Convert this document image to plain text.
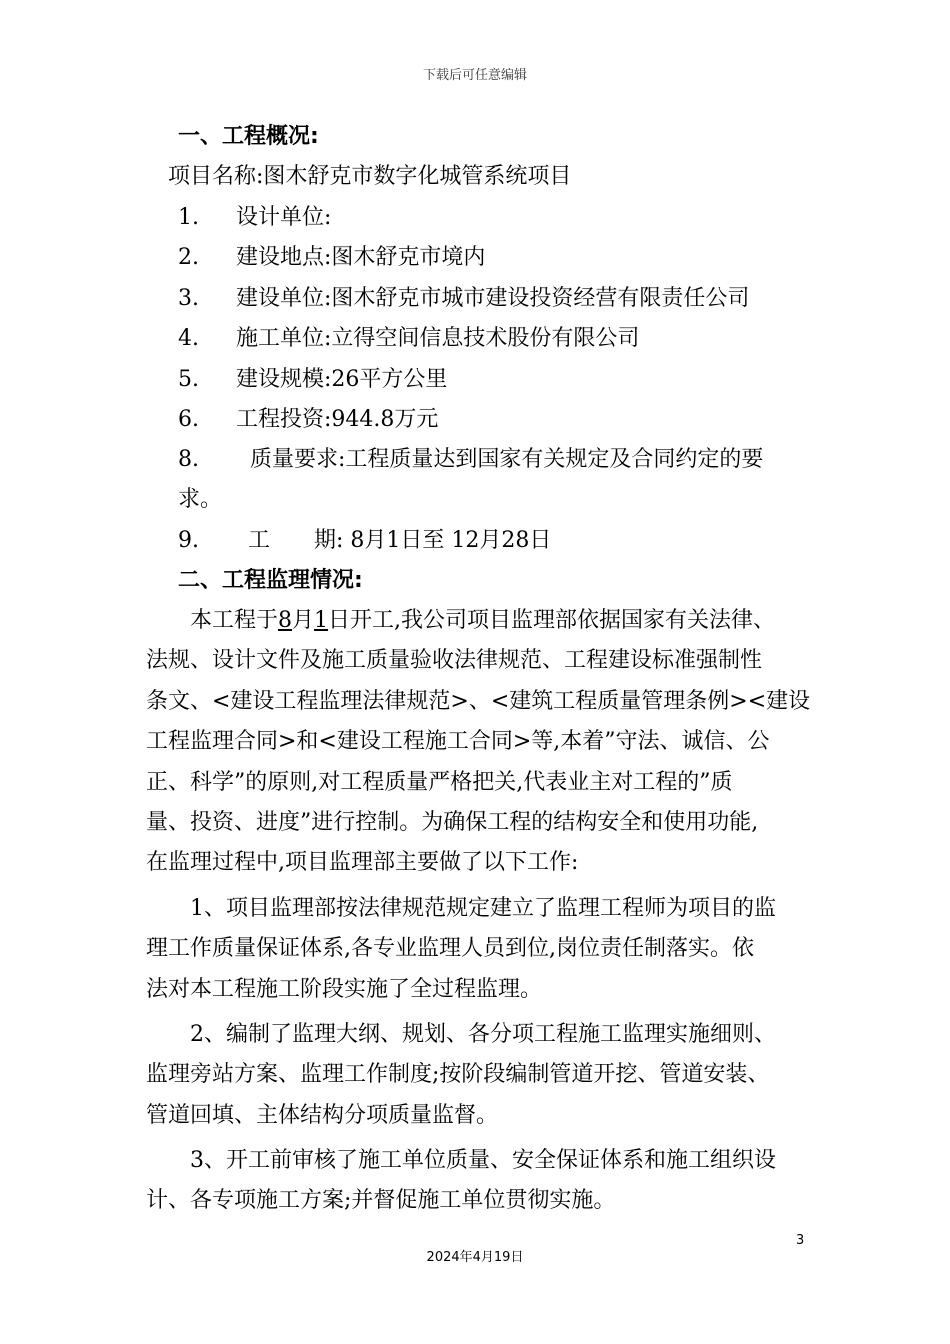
下载后可任意编辑
一、工程概况:
项目名称:图木舒克市数字化城管系统项目
1. 设计单位:
2. 建设地点:图木舒克市境内
3. 建设单位:图木舒克市城市建设投资经营有限责任公司
4. 施工单位:立得空间信息技术股份有限公司
5. 建设规模:26平方公里
6. 工程投资:944.8万元
8. 质量要求:工程质量达到国家有关规定及合同约定的要
求。
9. 工　　期: 8月1日至 12月28日
二、工程监理情况:
本工程于8月1日开工,我公司项目监理部依据国家有关法律、
法规、设计文件及施工质量验收法律规范、工程建设标准强制性
条文、<建设工程监理法律规范>、<建筑工程质量管理条例><建设
工程监理合同>和<建设工程施工合同>等,本着”守法、诚信、公
正、科学”的原则,对工程质量严格把关,代表业主对工程的”质
量、投资、进度”进行控制。为确保工程的结构安全和使用功能,
在监理过程中,项目监理部主要做了以下工作:
1、项目监理部按法律规范规定建立了监理工程师为项目的监
理工作质量保证体系,各专业监理人员到位,岗位责任制落实。依
法对本工程施工阶段实施了全过程监理。
2、编制了监理大纲、规划、各分项工程施工监理实施细则、
监理旁站方案、监理工作制度;按阶段编制管道开挖、管道安装、
管道回填、主体结构分项质量监督。
3、开工前审核了施工单位质量、安全保证体系和施工组织设
计、各专项施工方案;并督促施工单位贯彻实施。
3
2024年4月19日
